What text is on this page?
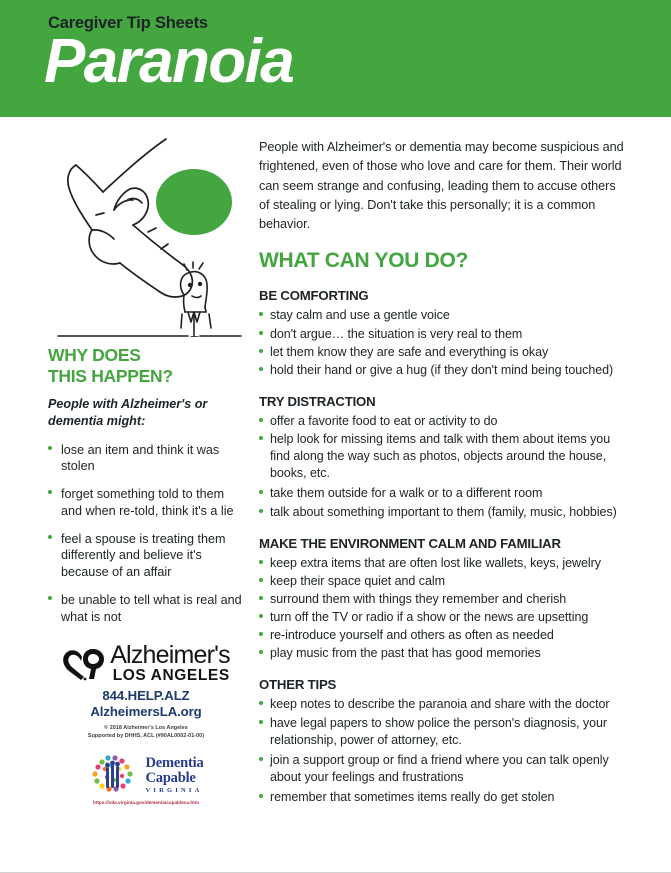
Caregiver Tip Sheets
Paranoia
WHY DOES
THIS HAPPEN?
People with Alzheimer's or dementia might:
lose an item and think it was stolen
forget something told to them and when re-told, think it's a lie
feel a spouse is treating them differently and believe it's because of an affair
be unable to tell what is real and what is not
Alzheimer's
LOS ANGELES
844.HELP.ALZ
AlzheimersLA.org
© 2018 Alzheimer's Los Angeles
Supported by DHHS, ACL (#90AL0002-01-00)
Dementia
Capable
VIRGINIA
https://vda.virginia.gov/dementiacapableva.htm
People with Alzheimer's or dementia may become suspicious and frightened, even of those who love and care for them. Their world can seem strange and confusing, leading them to accuse others of stealing or lying. Don't take this personally; it is a common behavior.
WHAT CAN YOU DO?
BE COMFORTING
stay calm and use a gentle voice
don't argue… the situation is very real to them
let them know they are safe and everything is okay
hold their hand or give a hug (if they don't mind being touched)
TRY DISTRACTION
offer a favorite food to eat or activity to do
help look for missing items and talk with them about items you find along the way such as photos, objects around the house, books, etc.
take them outside for a walk or to a different room
talk about something important to them (family, music, hobbies)
MAKE THE ENVIRONMENT CALM AND FAMILIAR
keep extra items that are often lost like wallets, keys, jewelry
keep their space quiet and calm
surround them with things they remember and cherish
turn off the TV or radio if a show or the news are upsetting
re-introduce yourself and others as often as needed
play music from the past that has good memories
OTHER TIPS
keep notes to describe the paranoia and share with the doctor
have legal papers to show police the person's diagnosis, your relationship, power of attorney, etc.
join a support group or find a friend where you can talk openly about your feelings and frustrations
remember that sometimes items really do get stolen
